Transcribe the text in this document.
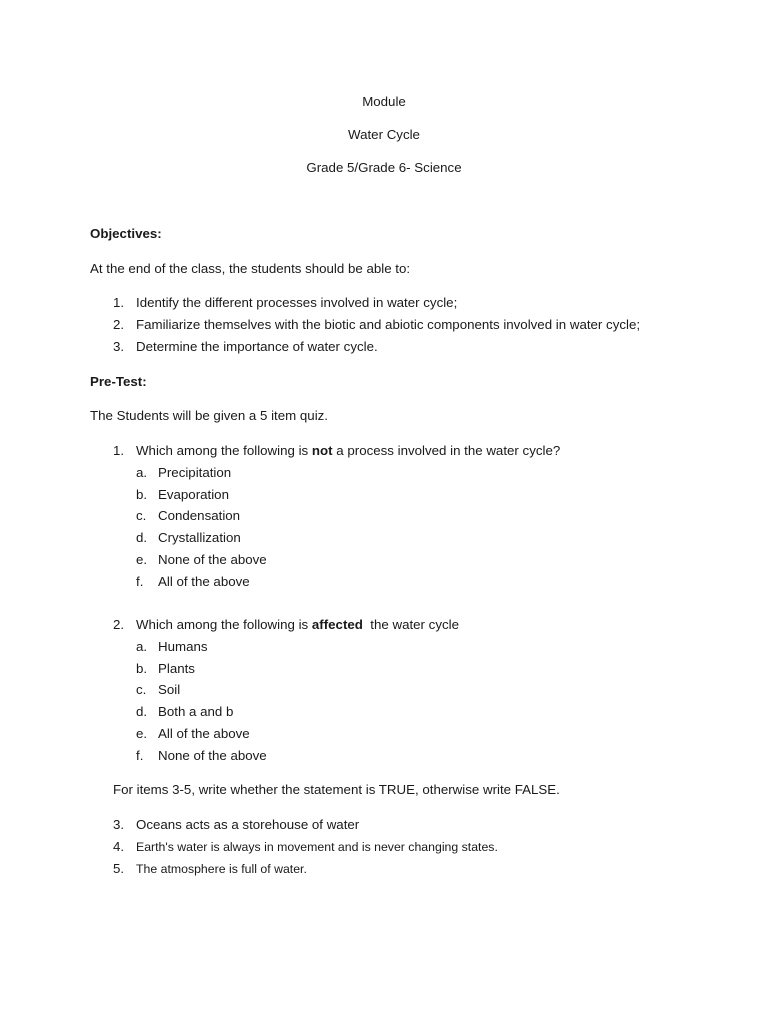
Module
Water Cycle
Grade 5/Grade 6- Science
Objectives:
At the end of the class, the students should be able to:
1. Identify the different processes involved in water cycle;
2. Familiarize themselves with the biotic and abiotic components involved in water cycle;
3. Determine the importance of water cycle.
Pre-Test:
The Students will be given a 5 item quiz.
1. Which among the following is not a process involved in the water cycle?
a. Precipitation
b. Evaporation
c. Condensation
d. Crystallization
e. None of the above
f. All of the above
2. Which among the following is affected  the water cycle
a. Humans
b. Plants
c. Soil
d. Both a and b
e. All of the above
f. None of the above
For items 3-5, write whether the statement is TRUE, otherwise write FALSE.
3. Oceans acts as a storehouse of water
4. Earth's water is always in movement and is never changing states.
5. The atmosphere is full of water.
